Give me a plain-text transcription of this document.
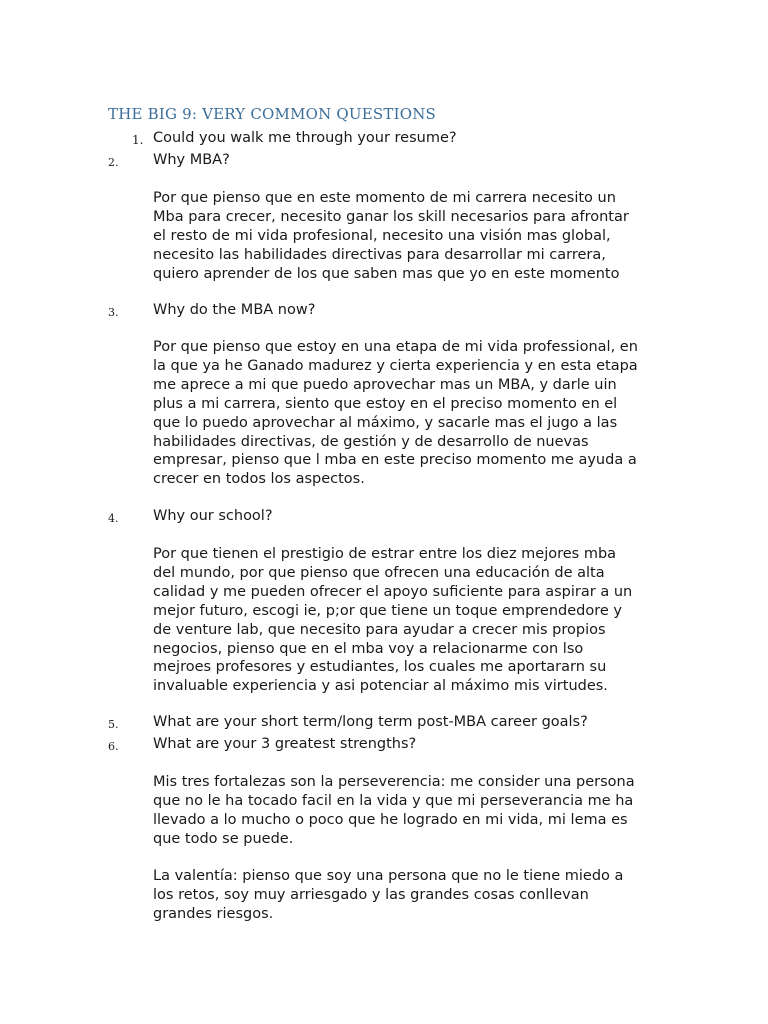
THE BIG 9: VERY COMMON QUESTIONS
1. Could you walk me through your resume?
2. Why MBA?
Por que pienso que en este momento de mi carrera necesito un
Mba para crecer, necesito ganar los skill necesarios para afrontar
el resto de mi vida profesional, necesito una visión mas global,
necesito las habilidades directivas para desarrollar mi carrera,
quiero aprender de los que saben mas que yo en este momento
3. Why do the MBA now?
Por que pienso que estoy en una etapa de mi vida professional, en
la que ya he Ganado madurez y cierta experiencia y en esta etapa
me aprece a mi que puedo aprovechar mas un MBA, y darle uin
plus a mi carrera, siento que estoy en el preciso momento en el
que lo puedo aprovechar al máximo, y sacarle mas el jugo a las
habilidades directivas, de gestión y de desarrollo de nuevas
empresar, pienso que l mba en este preciso momento me ayuda a
crecer en todos los aspectos.
4. Why our school?
Por que tienen el prestigio de estrar entre los diez mejores mba
del mundo, por que pienso que ofrecen una educación de alta
calidad y me pueden ofrecer el apoyo suficiente para aspirar a un
mejor futuro, escogi ie, p;or que tiene un toque emprendedore y
de venture lab, que necesito para ayudar a crecer mis propios
negocios, pienso que en el mba voy a relacionarme con lso
mejroes profesores y estudiantes, los cuales me aportararn su
invaluable experiencia y asi potenciar al máximo mis virtudes.
5. What are your short term/long term post-MBA career goals?
6. What are your 3 greatest strengths?
Mis tres fortalezas son la perseverencia: me consider una persona
que no le ha tocado facil en la vida y que mi perseverancia me ha
llevado a lo mucho o poco que he logrado en mi vida, mi lema es
que todo se puede.
La valentía: pienso que soy una persona que no le tiene miedo a
los retos, soy muy arriesgado y las grandes cosas conllevan
grandes riesgos.
